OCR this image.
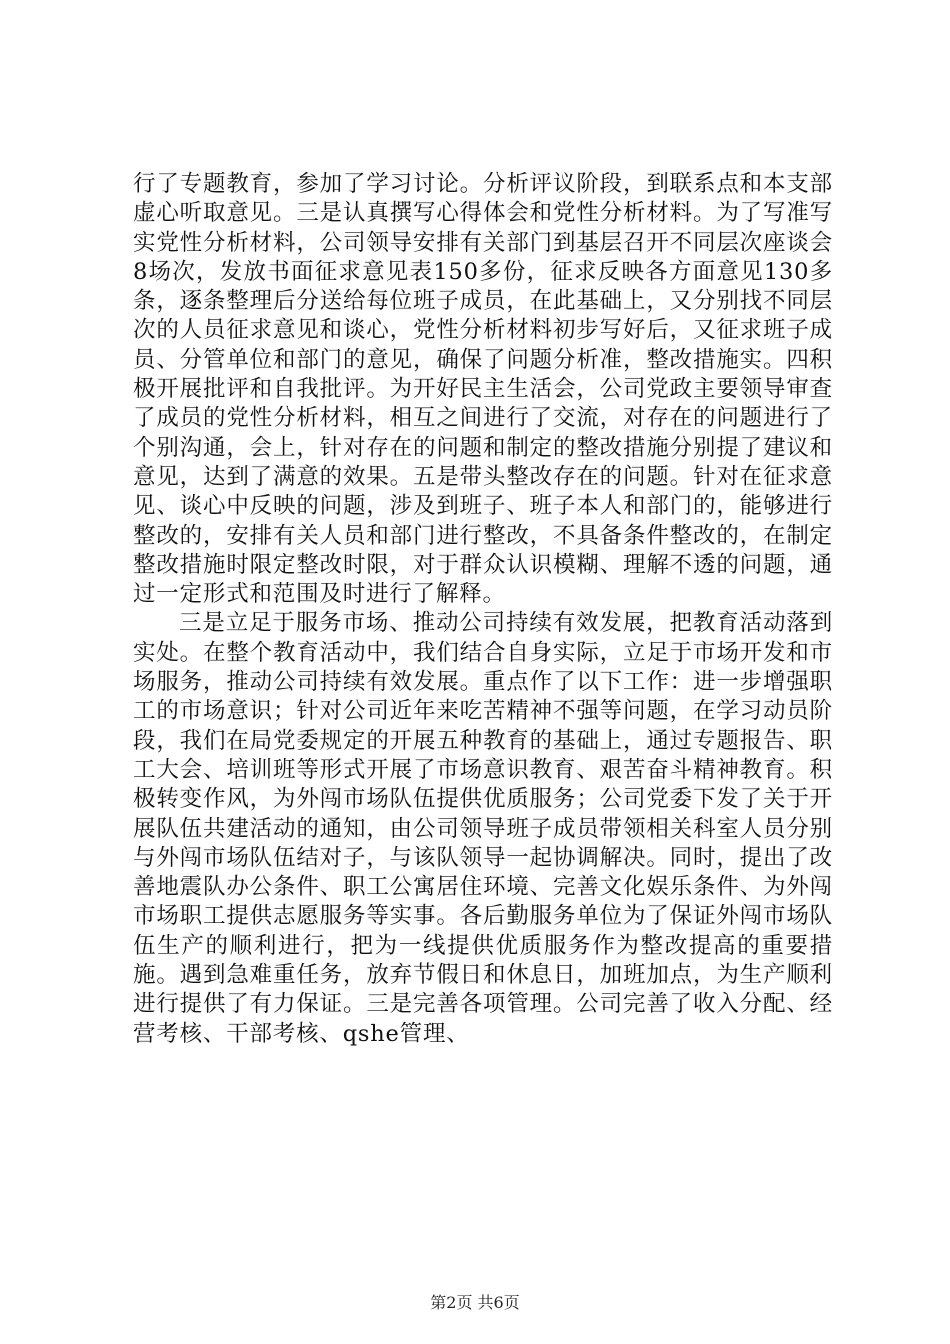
行了专题教育，参加了学习讨论。分析评议阶段，到联系点和本支部虚心听取意见。三是认真撰写心得体会和党性分析材料。为了写准写实党性分析材料，公司领导安排有关部门到基层召开不同层次座谈会8场次，发放书面征求意见表150多份，征求反映各方面意见130多条，逐条整理后分送给每位班子成员，在此基础上，又分别找不同层次的人员征求意见和谈心，党性分析材料初步写好后，又征求班子成员、分管单位和部门的意见，确保了问题分析准，整改措施实。四积极开展批评和自我批评。为开好民主生活会，公司党政主要领导审查了成员的党性分析材料，相互之间进行了交流，对存在的问题进行了个别沟通，会上，针对存在的问题和制定的整改措施分别提了建议和意见，达到了满意的效果。五是带头整改存在的问题。针对在征求意见、谈心中反映的问题，涉及到班子、班子本人和部门的，能够进行整改的，安排有关人员和部门进行整改，不具备条件整改的，在制定整改措施时限定整改时限，对于群众认识模糊、理解不透的问题，通过一定形式和范围及时进行了解释。

三是立足于服务市场、推动公司持续有效发展，把教育活动落到实处。在整个教育活动中，我们结合自身实际，立足于市场开发和市场服务，推动公司持续有效发展。重点作了以下工作：进一步增强职工的市场意识；针对公司近年来吃苦精神不强等问题，在学习动员阶段，我们在局党委规定的开展五种教育的基础上，通过专题报告、职工大会、培训班等形式开展了市场意识教育、艰苦奋斗精神教育。积极转变作风，为外闯市场队伍提供优质服务；公司党委下发了关于开展队伍共建活动的通知，由公司领导班子成员带领相关科室人员分别与外闯市场队伍结对子，与该队领导一起协调解决。同时，提出了改善地震队办公条件、职工公寓居住环境、完善文化娱乐条件、为外闯市场职工提供志愿服务等实事。各后勤服务单位为了保证外闯市场队伍生产的顺利进行，把为一线提供优质服务作为整改提高的重要措施。遇到急难重任务，放弃节假日和休息日，加班加点，为生产顺利进行提供了有力保证。三是完善各项管理。公司完善了收入分配、经营考核、干部考核、qshe管理、

第2页 共6页
